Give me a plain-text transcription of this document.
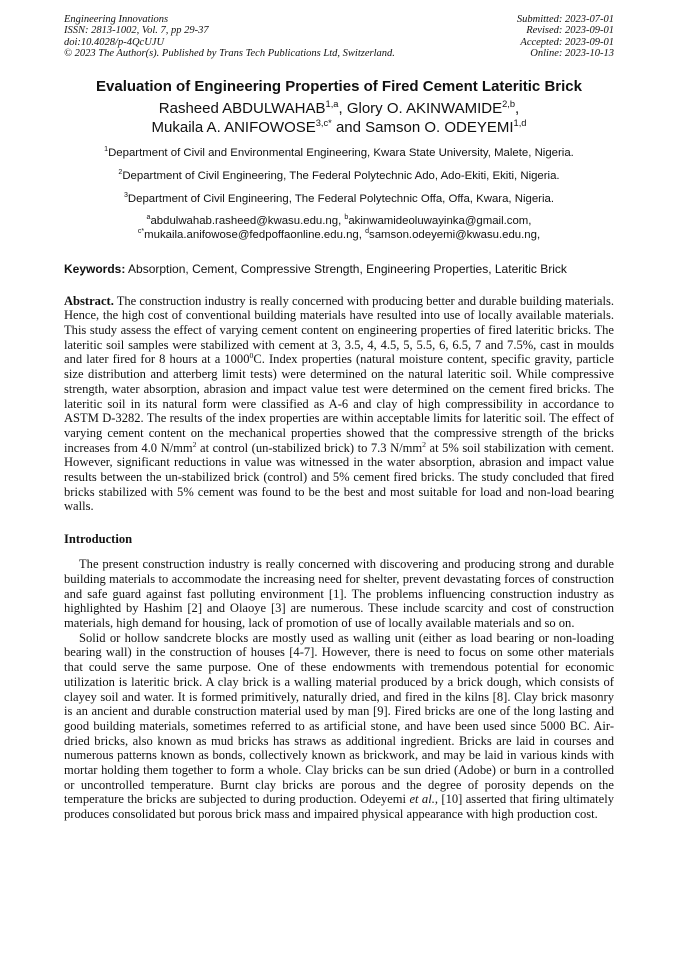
Engineering Innovations
ISSN: 2813-1002, Vol. 7, pp 29-37
doi:10.4028/p-4QcUJU
© 2023 The Author(s). Published by Trans Tech Publications Ltd, Switzerland.
Submitted: 2023-07-01
Revised: 2023-09-01
Accepted: 2023-09-01
Online: 2023-10-13
Evaluation of Engineering Properties of Fired Cement Lateritic Brick
Rasheed ABDULWAHAB$^{1,a}$, Glory O. AKINWAMIDE$^{2,b}$,
Mukaila A. $ANIFOWOSE^{3,c*}$ and Samson O. ODEYEMI$^{1,d}$
$^1$Department of Civil and Environmental Engineering, Kwara State University, Malete, Nigeria.
$^2$Department of Civil Engineering, The Federal Polytechnic Ado, Ado-Ekiti, Ekiti, Nigeria.
$^3$Department of Civil Engineering, The Federal Polytechnic Offa, Offa, Kwara, Nigeria.
$^a$abdulwahab.rasheed@kwasu.edu.ng, $^b$akinwamideoluwayinka@gmail.com,
$^{c*}$mukaila.anifowose@fedpoffaonline.edu.ng, $^d$samson.odeyemi@kwasu.edu.ng,
Keywords: Absorption, Cement, Compressive Strength, Engineering Properties, Lateritic Brick
Abstract. The construction industry is really concerned with producing better and durable building materials. Hence, the high cost of conventional building materials have resulted into use of locally available materials. This study assess the effect of varying cement content on engineering properties of fired lateritic bricks. The lateritic soil samples were stabilized with cement at 3, 3.5, 4, 4.5, 5, 5.5, 6, 6.5, 7 and 7.5%, cast in moulds and later fired for 8 hours at a 1000$^0$C. Index properties (natural moisture content, specific gravity, particle size distribution and atterberg limit tests) were determined on the natural lateritic soil. While compressive strength, water absorption, abrasion and impact value test were determined on the cement fired bricks. The lateritic soil in its natural form were classified as A-6 and clay of high compressibility in accordance to ASTM D-3282. The results of the index properties are within acceptable limits for lateritic soil. The effect of varying cement content on the mechanical properties showed that the compressive strength of the bricks increases from 4.0 $N/mm^2$ at control (un-stabilized brick) to 7.3 $N/mm^2$ at 5% soil stabilization with cement. However, significant reductions in value was witnessed in the water absorption, abrasion and impact value results between the un-stabilized brick (control) and 5% cement fired bricks. The study concluded that fired bricks stabilized with 5% cement was found to be the best and most suitable for load and non-load bearing walls.
Introduction

The present construction industry is really concerned with discovering and producing strong and durable building materials to accommodate the increasing need for shelter, prevent devastating forces of construction and safe guard against fast polluting environment [1]. The problems influencing construction industry as highlighted by Hashim [2] and Olaoye [3] are numerous. These include scarcity and cost of construction materials, high demand for housing, lack of promotion of use of locally available materials and so on.

Solid or hollow sandcrete blocks are mostly used as walling unit (either as load bearing or non-loading bearing wall) in the construction of houses [4-7]. However, there is need to focus on some other materials that could serve the same purpose. One of these endowments with tremendous potential for economic utilization is lateritic brick. A clay brick is a walling material produced by a brick dough, which consists of clayey soil and water. It is formed primitively, naturally dried, and fired in the kilns [8]. Clay brick masonry is an ancient and durable construction material used by man [9]. Fired bricks are one of the long lasting and good building materials, sometimes referred to as artificial stone, and have been used since 5000 BC. Air-dried bricks, also known as mud bricks has straws as additional ingredient. Bricks are laid in courses and numerous patterns known as bonds, collectively known as brickwork, and may be laid in various kinds with mortar holding them together to form a whole. Clay bricks can be sun dried (Adobe) or burn in a controlled or uncontrolled temperature. Burnt clay bricks are porous and the degree of porosity depends on the temperature the bricks are subjected to during production. Odeyemi et al., [10] asserted that firing ultimately produces consolidated but porous brick mass and impaired physical appearance with high production cost.
